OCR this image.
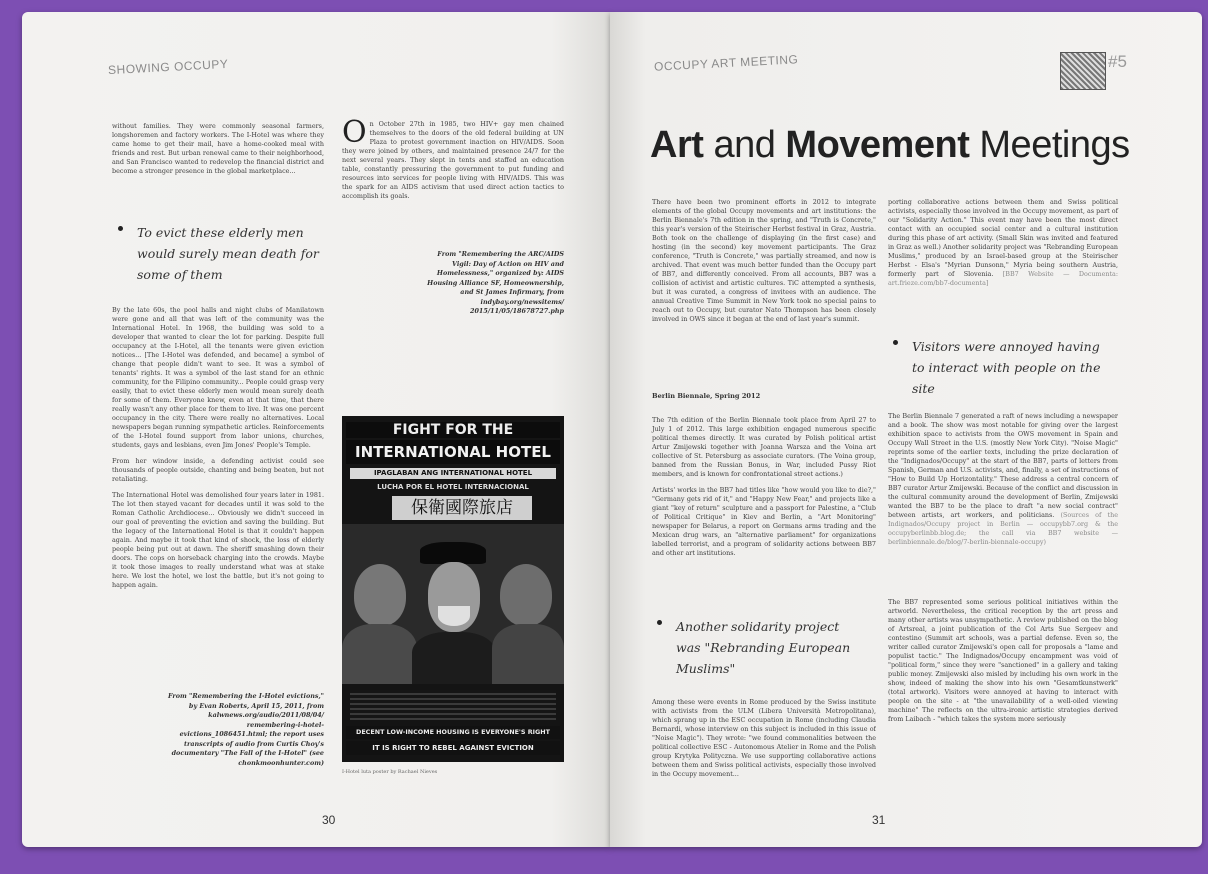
SHOWING OCCUPY

without families. They were commonly seasonal farmers, longshoremen and factory workers. The I-Hotel was where they came home to get their mail, have a home-cooked meal with friends and rest. But urban renewal came to their neighborhood, and San Francisco wanted to redevelop the financial district and become a stronger presence in the global marketplace...

To evict these elderly men would surely mean death for some of them

By the late 60s, the pool halls and night clubs of Manilatown were gone and all that was left of the community was the International Hotel. In 1968, the building was sold to a developer that wanted to clear the lot for parking. Despite full occupancy at the I-Hotel, all the tenants were given eviction notices... [The I-Hotel was defended, and became] a symbol of change that people didn't want to see. It was a symbol of tenants' rights. It was a symbol of the last stand for an ethnic community, for the Filipino community... People could grasp very easily, that to evict these elderly men would mean surely death for some of them. Everyone knew, even at that time, that there really wasn't any other place for them to live. It was one percent occupancy in the city. There were really no alternatives. Local newspapers began running sympathetic articles. Reinforcements of the I-Hotel found support from labor unions, churches, students, gays and lesbians, even Jim Jones' People's Temple.

From her window inside, a defending activist could see thousands of people outside, chanting and being beaten, but not retaliating.

The International Hotel was demolished four years later in 1981. The lot then stayed vacant for decades until it was sold to the Roman Catholic Archdiocese... Obviously we didn't succeed in our goal of preventing the eviction and saving the building. But the legacy of the International Hotel is that it couldn't happen again. And maybe it took that kind of shock, the loss of elderly people being put out at dawn. The sheriff smashing down their doors. The cops on horseback charging into the crowds. Maybe it took those images to really understand what was at stake here. We lost the hotel, we lost the battle, but it's not going to happen again.

From "Remembering the I-Hotel evictions," by Evan Roberts, April 15, 2011, from kalwnews.org/audio/2011/08/04/ remembering-i-hotel-evictions_1086451.html; the report uses transcripts of audio from Curtis Choy's documentary "The Fall of the I-Hotel" (see chonkmoonhunter.com)
O n October 27th in 1985, two HIV+ gay men chained themselves to the doors of the old federal building at UN Plaza to protest government inaction on HIV/AIDS. Soon they were joined by others, and maintained presence 24/7 for the next several years. They slept in tents and staffed an education table, constantly pressuring the government to put funding and resources into services for people living with HIV/AIDS. This was the spark for an AIDS activism that used direct action tactics to accomplish its goals.
From "Remembering the ARC/AIDS Vigil: Day of Action on HIV and Homelessness," organized by: AIDS Housing Alliance SF, Homeownership, and St James Infirmary, from indybay.org/newsitems/ 2015/11/05/18678727.php
FIGHT FOR THE
INTERNATIONAL HOTEL
IPAGLABAN ANG INTERNATIONAL HOTEL
LUCHA POR EL HOTEL INTERNACIONAL
保衛國際旅店
DECENT LOW-INCOME HOUSING IS EVERYONE'S RIGHT
IT IS RIGHT TO REBEL AGAINST EVICTION
I-Hotel luta poster by Rachael Nieves
30
OCCUPY ART MEETING	#5
Art and Movement Meetings

There have been two prominent efforts in 2012 to integrate elements of the global Occupy movements and art institutions: the Berlin Biennale's 7th edition in the spring, and "Truth is Concrete," this year's version of the Steirischer Herbst festival in Graz, Austria. Both took on the challenge of displaying (in the first case) and hosting (in the second) key movement participants. The Graz conference, "Truth is Concrete," was partially streamed, and now is archived. That event was much better funded than the Occupy part of BB7, and differently conceived. From all accounts, BB7 was a collision of activist and artistic cultures. TiC attempted a synthesis, but it was curated, a congress of invitees with an audience. The annual Creative Time Summit in New York took no special pains to reach out to Occupy, but curator Nato Thompson has been closely involved in OWS since it began at the end of last year's summit.

Berlin Biennale, Spring 2012

The 7th edition of the Berlin Biennale took place from April 27 to July 1 of 2012. This large exhibition engaged numerous specific political themes directly. It was curated by Polish political artist Artur Zmijewski together with Joanna Warsza and the Voina art collective of St. Petersburg as associate curators. (The Voina group, banned from the Russian Bonus, in War, included Pussy Riot members, and is known for confrontational street actions.)

Artists' works in the BB7 had titles like "how would you like to die?," "Germany gets rid of it," and "Happy New Fear," and projects like a giant "key of return" sculpture and a passport for Palestine, a "Club of Political Critique" in Kiev and Berlin, a "Art Monitoring" newspaper for Belarus, a report on Germans arms trading and the Mexican drug wars, an "alternative parliament" for organizations labelled terrorist, and a program of solidarity actions between BB7 and other art institutions.

Another solidarity project was "Rebranding European Muslims"

Among these were events in Rome produced by the Swiss institute with activists from the ULM (Libera Università Metropolitana), which sprang up in the ESC occupation in Rome (including Claudia Bernardi, whose interview on this subject is included in this issue of "Noise Magic"). They wrote: "we found commonalities between the political collective ESC - Autonomous Atelier in Rome and the Polish group Krytyka Polityczna. We use supporting collaborative actions between them and Swiss political activists, especially those involved in the Occupy movement...

porting collaborative actions between them and Swiss political activists, especially those involved in the Occupy movement, as part of our "Solidarity Action." This event may have been the most direct contact with an occupied social center and a cultural institution during this phase of art activity. (Small Skin was invited and featured in Graz as well.) Another solidarity project was "Rebranding European Muslims," produced by an Israel-based group at the Steirischer Herbst - Elsa's "Myrian Dunsonn," Myria being southern Austria, formerly part of Slovenia. [BB7 Website — Documenta: art.frieze.com/bb7-documenta]

Visitors were annoyed having to interact with people on the site

The Berlin Biennale 7 generated a raft of news including a newspaper and a book. The show was most notable for giving over the largest exhibition space to activists from the OWS movement in Spain and Occupy Wall Street in the U.S. (mostly New York City). "Noise Magic" reprints some of the earlier texts, including the prize declaration of the "Indignados/Occupy" at the start of the BB7, parts of letters from Spanish, German and U.S. activists, and, finally, a set of instructions of "How to Build Up Horizontality." These address a central concern of BB7 curator Artur Zmijewski. Because of the conflict and discussion in the cultural community around the development of Berlin, Zmijewski wanted the BB7 to be the place to draft "a new social contract" between artists, art workers, and politicians. (Sources of the Indignados/Occupy project in Berlin — occupybb7.org & the occupyberlinbb.blog.de; the call via BB7 website — berlinbiennale.de/blog/7-berlin-biennale-occupy)

The BB7 represented some serious political initiatives within the artworld. Nevertheless, the critical reception by the art press and many other artists was unsympathetic. A review published on the blog of Artsreal, a joint publication of the Col Arts Sue Sergeev and contestino (Summit art schools, was a partial defense. Even so, the writer called curator Zmijewski's open call for proposals a "lame and populist tactic." The Indignados/Occupy encampment was void of "political form," since they were "sanctioned" in a gallery and taking public money. Zmijewski also misled by including his own work in the show, indeed of making the show into his own "Gesamtkunstwerk" (total artwork). Visitors were annoyed at having to interact with people on the site - at "the unavailability of a well-oiled viewing machine" The reflects on the ultra-ironic artistic strategies derived from Laibach - "which takes the system more seriously

31
